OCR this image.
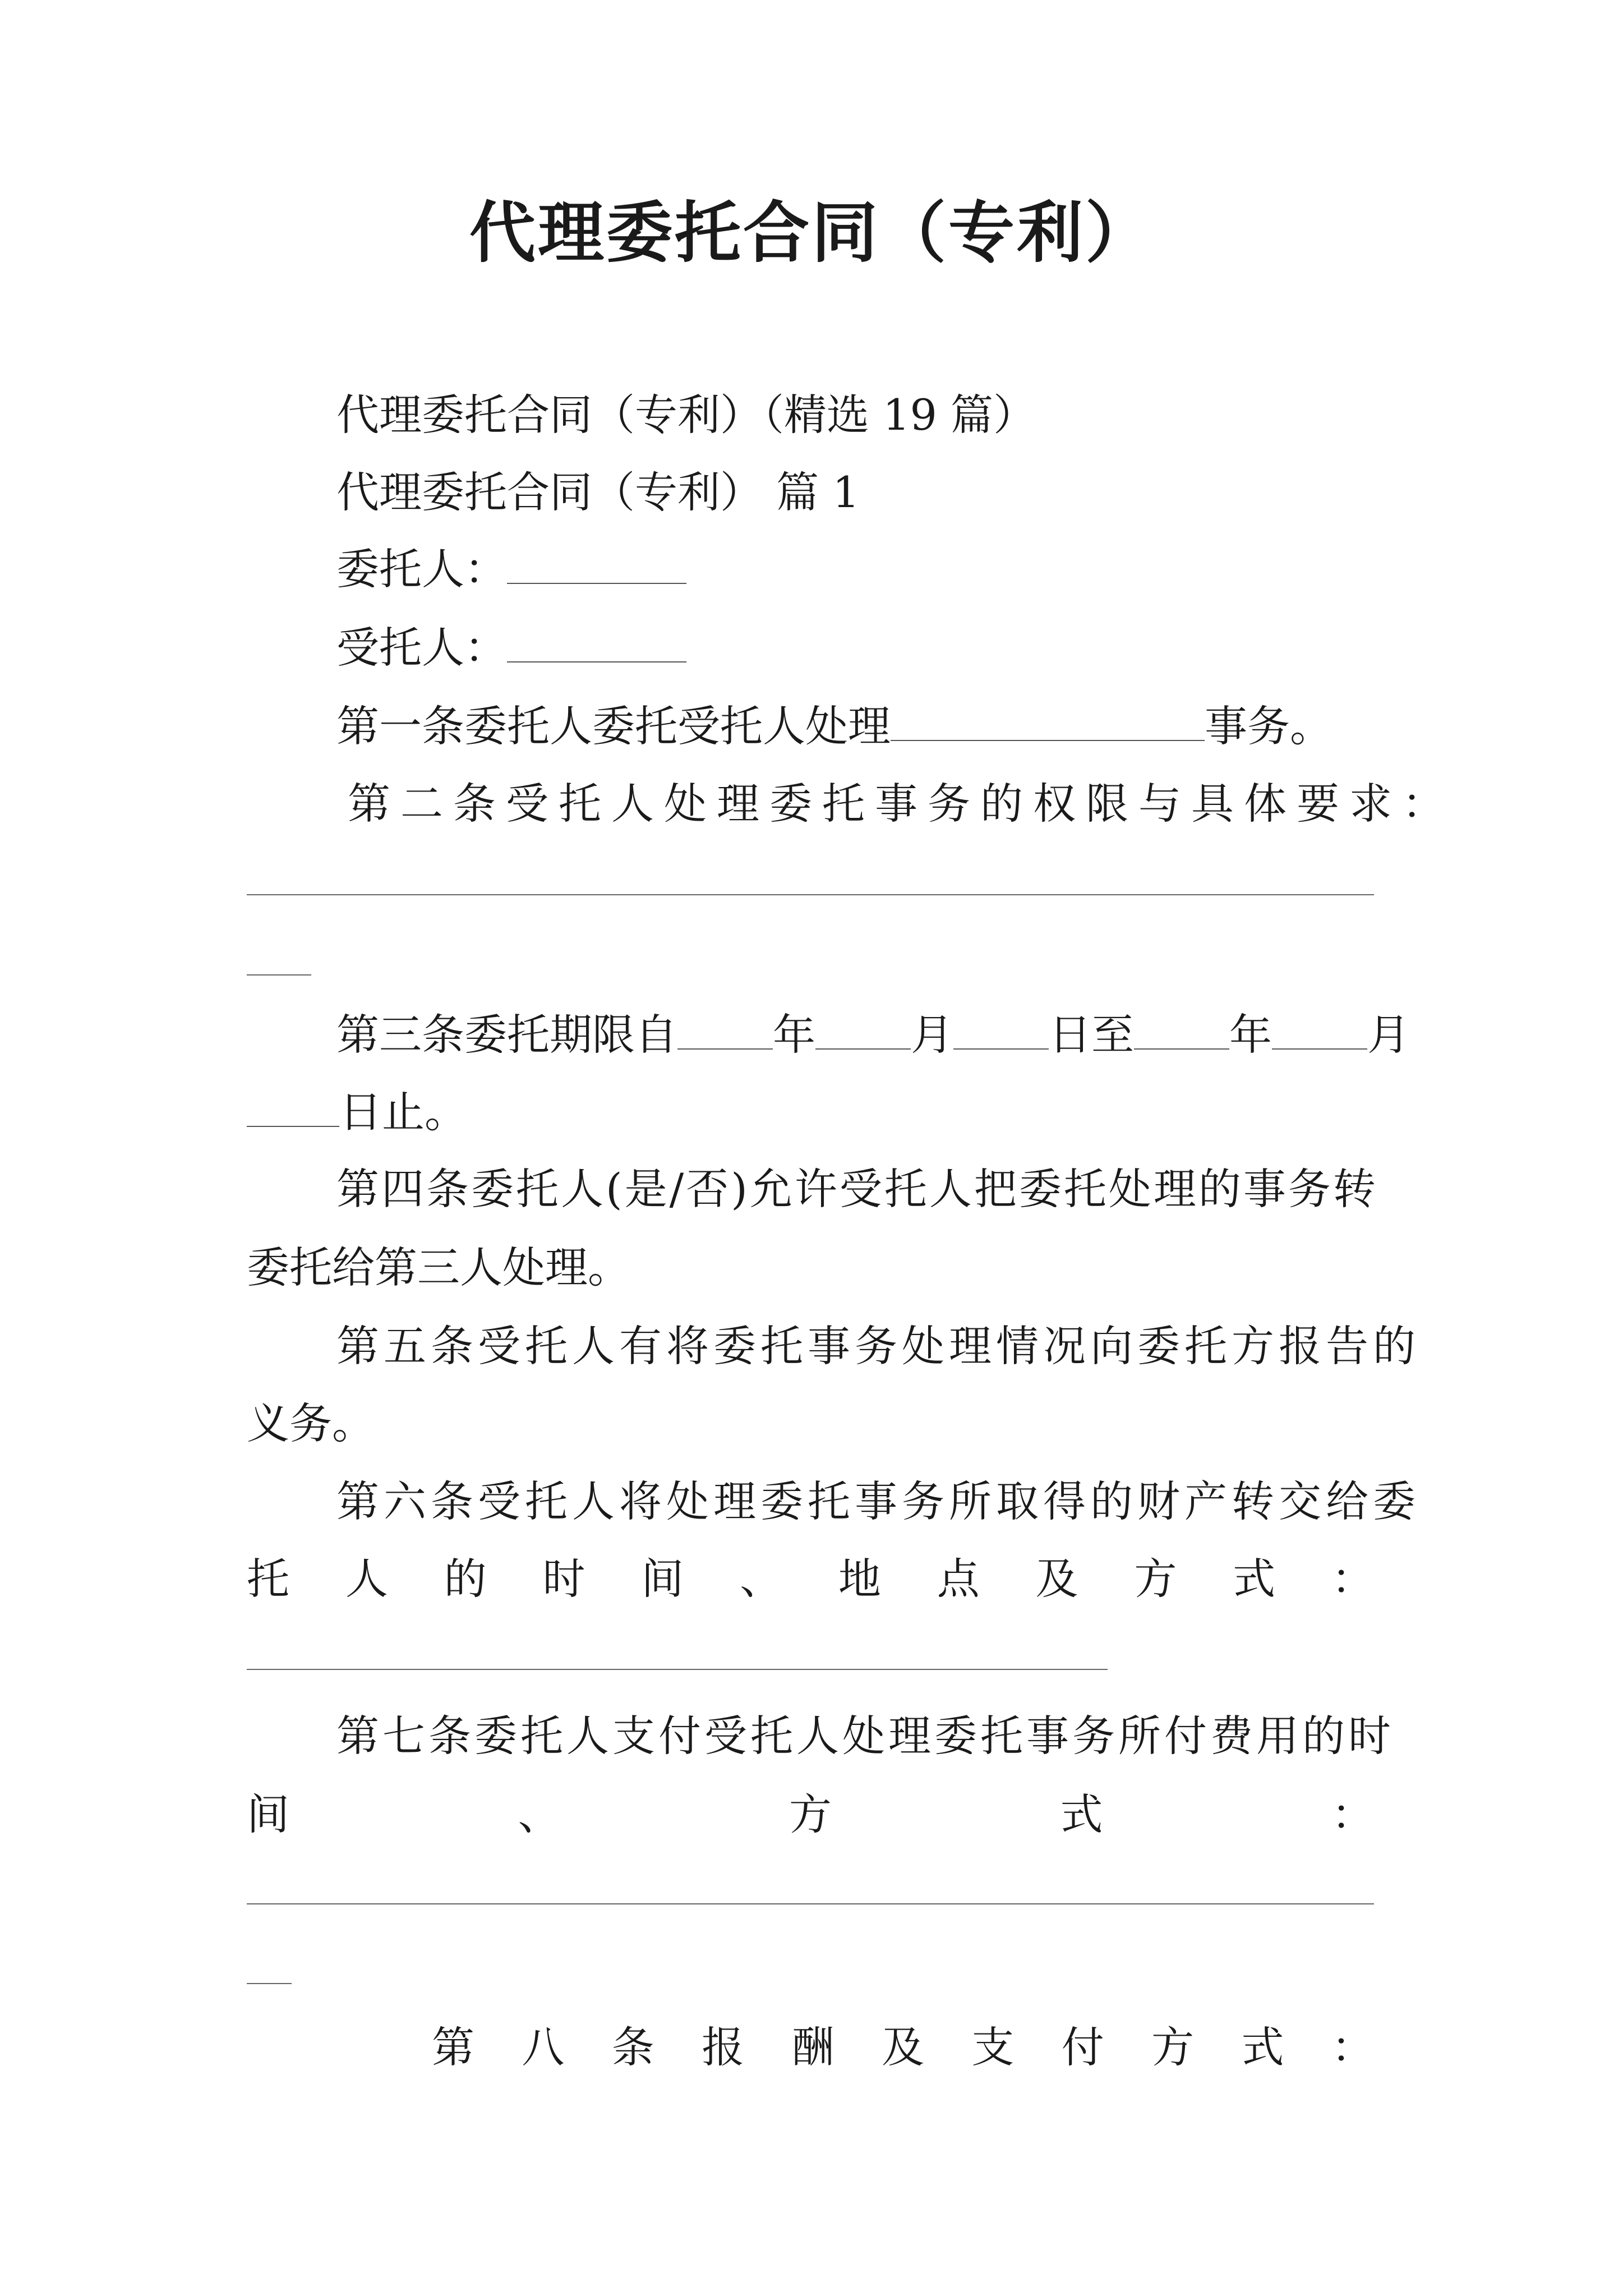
代理委托合同（专利）
代理委托合同（专利）（精选 19 篇）
代理委托合同（专利） 篇 1
委托人：
受托人：
第一条委托人委托受托人处理	事务。
第二条受托人处理委托事务的权限与具体要求：
第三条委托期限自 年 月 日至 年 月
日止。
第四条委托人(是/否)允许受托人把委托处理的事务转
委托给第三人处理。
第五条受托人有将委托事务处理情况向委托方报告的
义务。
第六条受托人将处理委托事务所取得的财产转交给委
托 人 的 时 间 、 地 点 及 方 式 ：
第七条委托人支付受托人处理委托事务所付费用的时
间	、	方	式	：
第 八 条 报 酬 及 支 付 方 式 ：
